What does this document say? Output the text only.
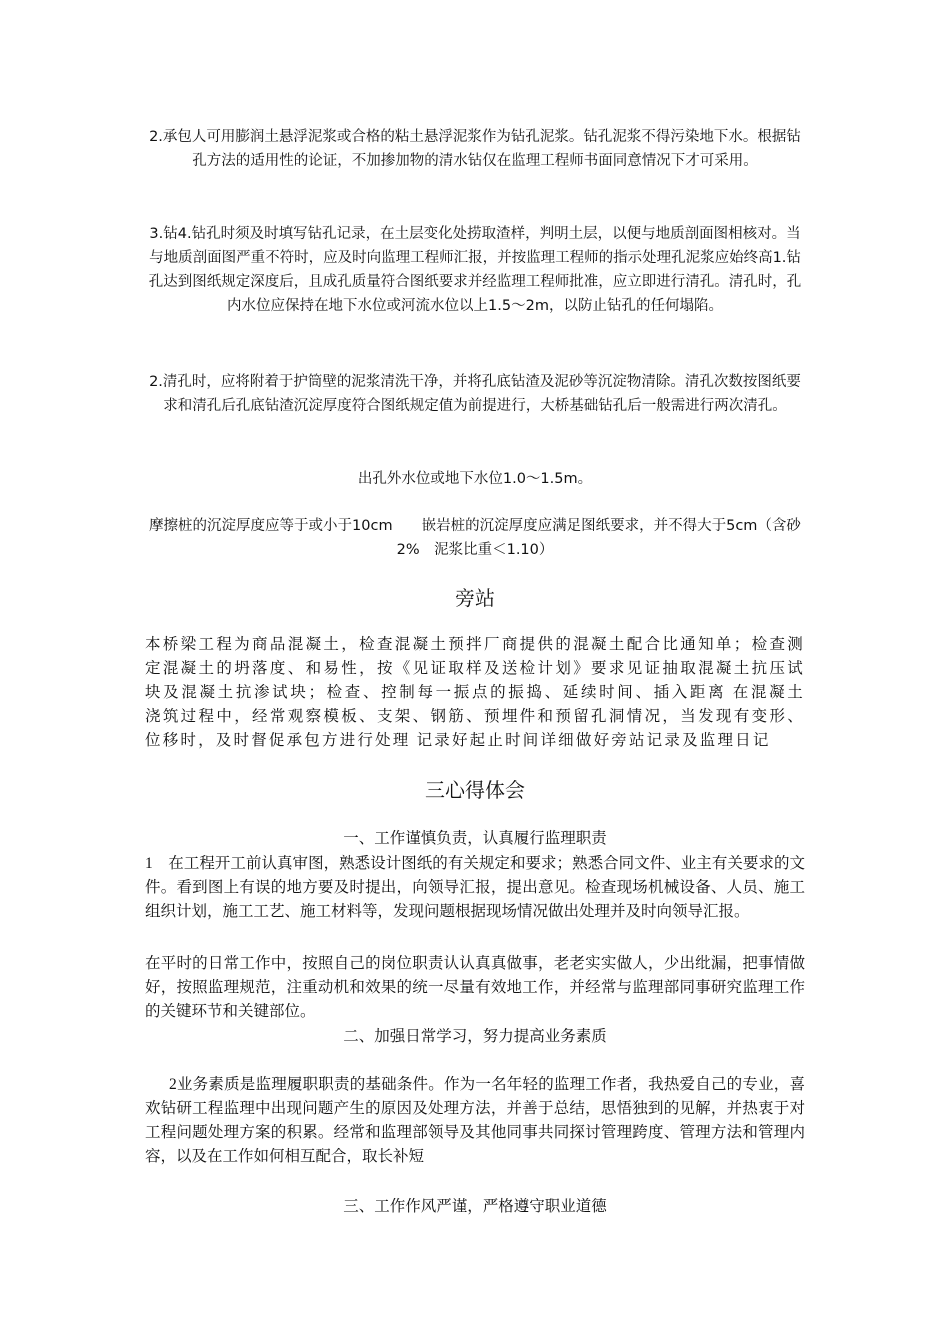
2.承包人可用膨润土悬浮泥浆或合格的粘土悬浮泥浆作为钻孔泥浆。钻孔泥浆不得污染地下水。根据钻孔方法的适用性的论证，不加掺加物的清水钻仅在监理工程师书面同意情况下才可采用。
3.钻4.钻孔时须及时填写钻孔记录，在土层变化处捞取渣样，判明土层，以便与地质剖面图相核对。当与地质剖面图严重不符时，应及时向监理工程师汇报，并按监理工程师的指示处理孔泥浆应始终高1.钻孔达到图纸规定深度后，且成孔质量符合图纸要求并经监理工程师批准，应立即进行清孔。清孔时，孔内水位应保持在地下水位或河流水位以上1.5～2m，以防止钻孔的任何塌陷。
2.清孔时，应将附着于护筒壁的泥浆清洗干净，并将孔底钻渣及泥砂等沉淀物清除。清孔次数按图纸要求和清孔后孔底钻渣沉淀厚度符合图纸规定值为前提进行，大桥基础钻孔后一般需进行两次清孔。
出孔外水位或地下水位1.0～1.5m。
摩擦桩的沉淀厚度应等于或小于10cm　　嵌岩桩的沉淀厚度应满足图纸要求，并不得大于5cm（含砂2%　泥浆比重＜1.10）
旁站
本桥梁工程为商品混凝土，检查混凝土预拌厂商提供的混凝土配合比通知单；检查测定混凝土的坍落度、和易性，按《见证取样及送检计划》要求见证抽取混凝土抗压试块及混凝土抗渗试块；检查、控制每一振点的振捣、延续时间、插入距离 在混凝土浇筑过程中，经常观察模板、支架、钢筋、预埋件和预留孔洞情况，当发现有变形、位移时，及时督促承包方进行处理 记录好起止时间详细做好旁站记录及监理日记
三心得体会
一、工作谨慎负责，认真履行监理职责
1　在工程开工前认真审图，熟悉设计图纸的有关规定和要求；熟悉合同文件、业主有关要求的文件。看到图上有误的地方要及时提出，向领导汇报，提出意见。检查现场机械设备、人员、施工组织计划，施工工艺、施工材料等，发现问题根据现场情况做出处理并及时向领导汇报。
在平时的日常工作中，按照自己的岗位职责认认真真做事，老老实实做人，少出纰漏，把事情做好，按照监理规范，注重动机和效果的统一尽量有效地工作，并经常与监理部同事研究监理工作的关键环节和关键部位。
二、加强日常学习，努力提高业务素质
2业务素质是监理履职职责的基础条件。作为一名年轻的监理工作者，我热爱自己的专业，喜欢钻研工程监理中出现问题产生的原因及处理方法，并善于总结，思悟独到的见解，并热衷于对工程问题处理方案的积累。经常和监理部领导及其他同事共同探讨管理跨度、管理方法和管理内容，以及在工作如何相互配合，取长补短
三、工作作风严谨，严格遵守职业道德
